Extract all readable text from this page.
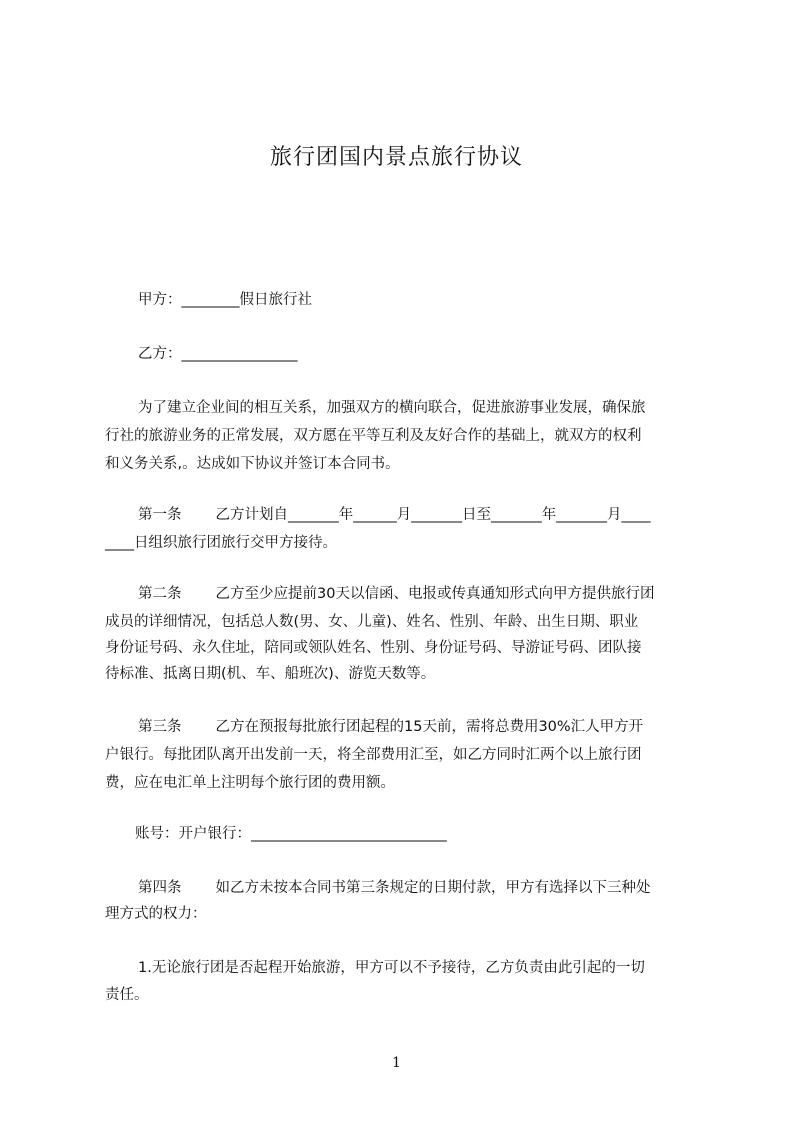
旅行团国内景点旅行协议
甲方：________假日旅行社
乙方：________________
为了建立企业间的相互关系，加强双方的横向联合，促进旅游事业发展，确保旅
行社的旅游业务的正常发展，双方愿在平等互利及友好合作的基础上，就双方的权利
和义务关系,。达成如下协议并签订本合同书。
第一条 乙方计划自_______年______月_______日至_______年_______月____
____日组织旅行团旅行交甲方接待。
第二条 乙方至少应提前30天以信函、电报或传真通知形式向甲方提供旅行团
成员的详细情况，包括总人数(男、女、儿童)、姓名、性别、年龄、出生日期、职业
身份证号码、永久住址，陪同或领队姓名、性别、身份证号码、导游证号码、团队接
待标准、抵离日期(机、车、船班次)、游览天数等。
第三条 乙方在预报每批旅行团起程的15天前，需将总费用30%汇人甲方开
户银行。每批团队离开出发前一天，将全部费用汇至，如乙方同时汇两个以上旅行团
费，应在电汇单上注明每个旅行团的费用额。
账号：开户银行：___________________________
第四条 如乙方未按本合同书第三条规定的日期付款，甲方有选择以下三种处
理方式的权力：
1.无论旅行团是否起程开始旅游，甲方可以不予接待，乙方负责由此引起的一切
责任。
1
